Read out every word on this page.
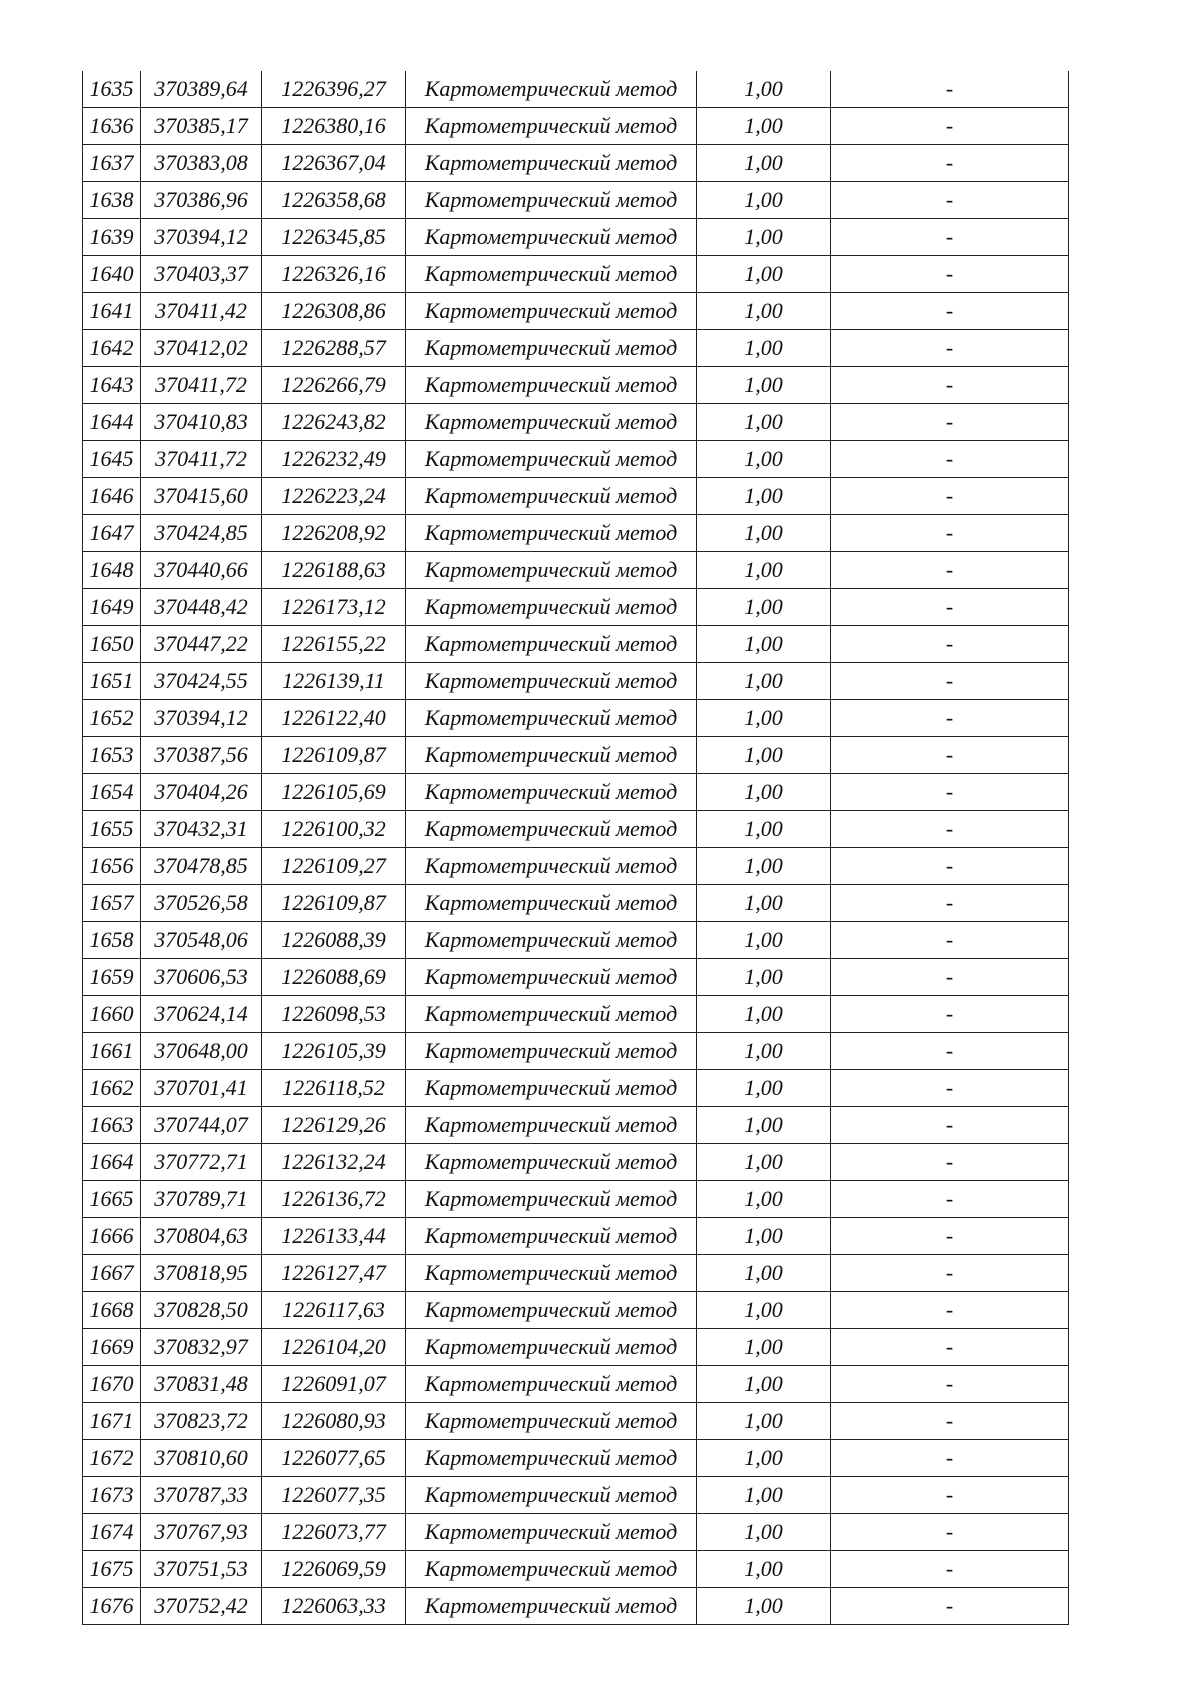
1635	370389,64	1226396,27	Картометрический метод	1,00	-
1636	370385,17	1226380,16	Картометрический метод	1,00	-
1637	370383,08	1226367,04	Картометрический метод	1,00	-
1638	370386,96	1226358,68	Картометрический метод	1,00	-
1639	370394,12	1226345,85	Картометрический метод	1,00	-
1640	370403,37	1226326,16	Картометрический метод	1,00	-
1641	370411,42	1226308,86	Картометрический метод	1,00	-
1642	370412,02	1226288,57	Картометрический метод	1,00	-
1643	370411,72	1226266,79	Картометрический метод	1,00	-
1644	370410,83	1226243,82	Картометрический метод	1,00	-
1645	370411,72	1226232,49	Картометрический метод	1,00	-
1646	370415,60	1226223,24	Картометрический метод	1,00	-
1647	370424,85	1226208,92	Картометрический метод	1,00	-
1648	370440,66	1226188,63	Картометрический метод	1,00	-
1649	370448,42	1226173,12	Картометрический метод	1,00	-
1650	370447,22	1226155,22	Картометрический метод	1,00	-
1651	370424,55	1226139,11	Картометрический метод	1,00	-
1652	370394,12	1226122,40	Картометрический метод	1,00	-
1653	370387,56	1226109,87	Картометрический метод	1,00	-
1654	370404,26	1226105,69	Картометрический метод	1,00	-
1655	370432,31	1226100,32	Картометрический метод	1,00	-
1656	370478,85	1226109,27	Картометрический метод	1,00	-
1657	370526,58	1226109,87	Картометрический метод	1,00	-
1658	370548,06	1226088,39	Картометрический метод	1,00	-
1659	370606,53	1226088,69	Картометрический метод	1,00	-
1660	370624,14	1226098,53	Картометрический метод	1,00	-
1661	370648,00	1226105,39	Картометрический метод	1,00	-
1662	370701,41	1226118,52	Картометрический метод	1,00	-
1663	370744,07	1226129,26	Картометрический метод	1,00	-
1664	370772,71	1226132,24	Картометрический метод	1,00	-
1665	370789,71	1226136,72	Картометрический метод	1,00	-
1666	370804,63	1226133,44	Картометрический метод	1,00	-
1667	370818,95	1226127,47	Картометрический метод	1,00	-
1668	370828,50	1226117,63	Картометрический метод	1,00	-
1669	370832,97	1226104,20	Картометрический метод	1,00	-
1670	370831,48	1226091,07	Картометрический метод	1,00	-
1671	370823,72	1226080,93	Картометрический метод	1,00	-
1672	370810,60	1226077,65	Картометрический метод	1,00	-
1673	370787,33	1226077,35	Картометрический метод	1,00	-
1674	370767,93	1226073,77	Картометрический метод	1,00	-
1675	370751,53	1226069,59	Картометрический метод	1,00	-
1676	370752,42	1226063,33	Картометрический метод	1,00	-
